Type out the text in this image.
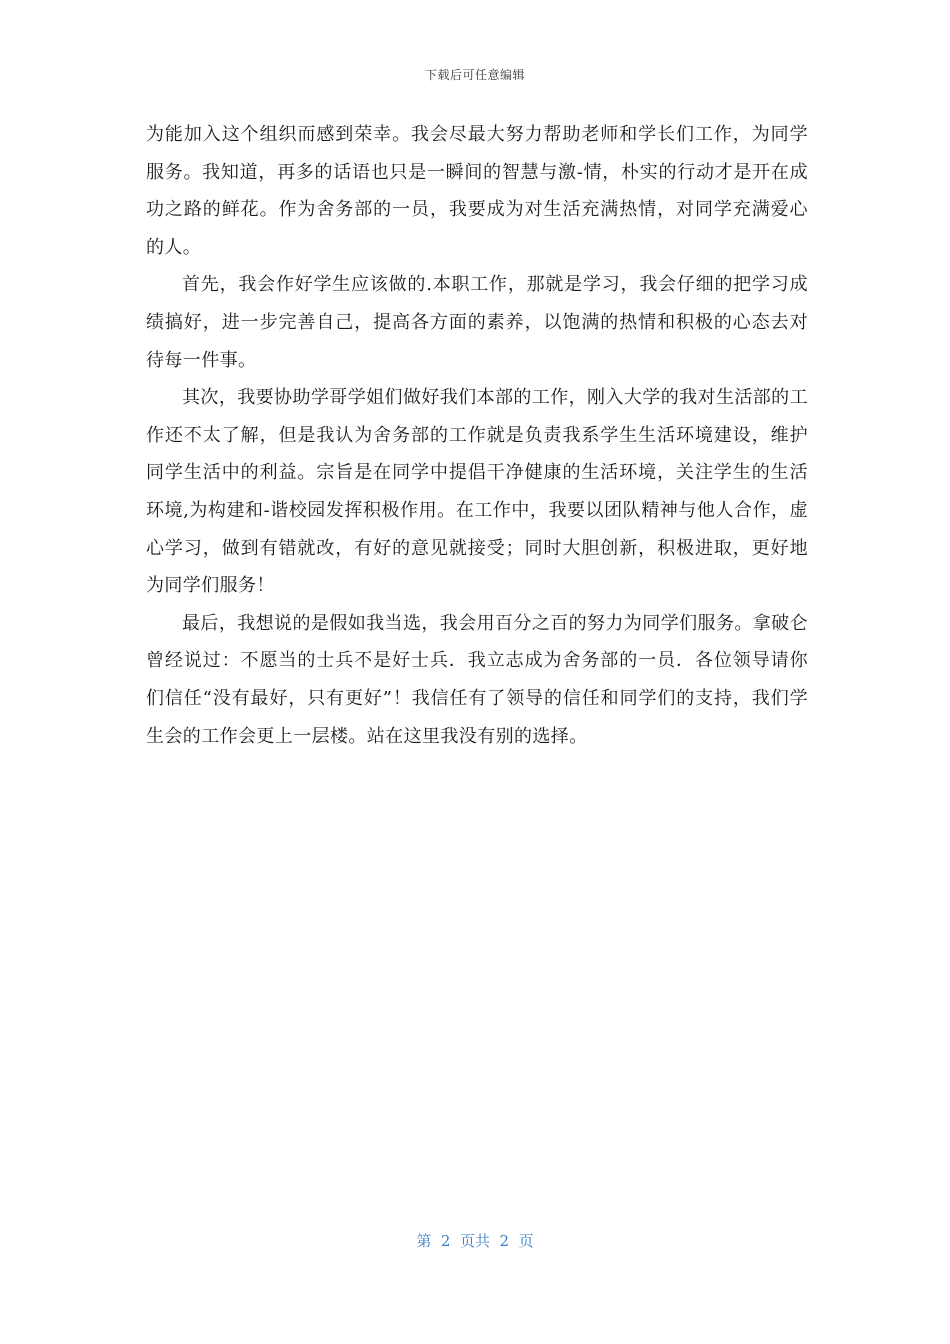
下载后可任意编辑

为能加入这个组织而感到荣幸。我会尽最大努力帮助老师和学长们工作，为同学服务。我知道，再多的话语也只是一瞬间的智慧与激-情，朴实的行动才是开在成功之路的鲜花。作为舍务部的一员，我要成为对生活充满热情，对同学充满爱心的人。

首先，我会作好学生应该做的.本职工作，那就是学习，我会仔细的把学习成绩搞好，进一步完善自己，提高各方面的素养，以饱满的热情和积极的心态去对待每一件事。

其次，我要协助学哥学姐们做好我们本部的工作，刚入大学的我对生活部的工作还不太了解，但是我认为舍务部的工作就是负责我系学生生活环境建设，维护同学生活中的利益。宗旨是在同学中提倡干净健康的生活环境，关注学生的生活环境,为构建和-谐校园发挥积极作用。在工作中，我要以团队精神与他人合作，虚心学习，做到有错就改，有好的意见就接受；同时大胆创新，积极进取，更好地为同学们服务！

最后，我想说的是假如我当选，我会用百分之百的努力为同学们服务。拿破仑曾经说过：不愿当的士兵不是好士兵．我立志成为舍务部的一员．各位领导请你们信任“没有最好，只有更好”！我信任有了领导的信任和同学们的支持，我们学生会的工作会更上一层楼。站在这里我没有别的选择。

第  2  页共  2  页
